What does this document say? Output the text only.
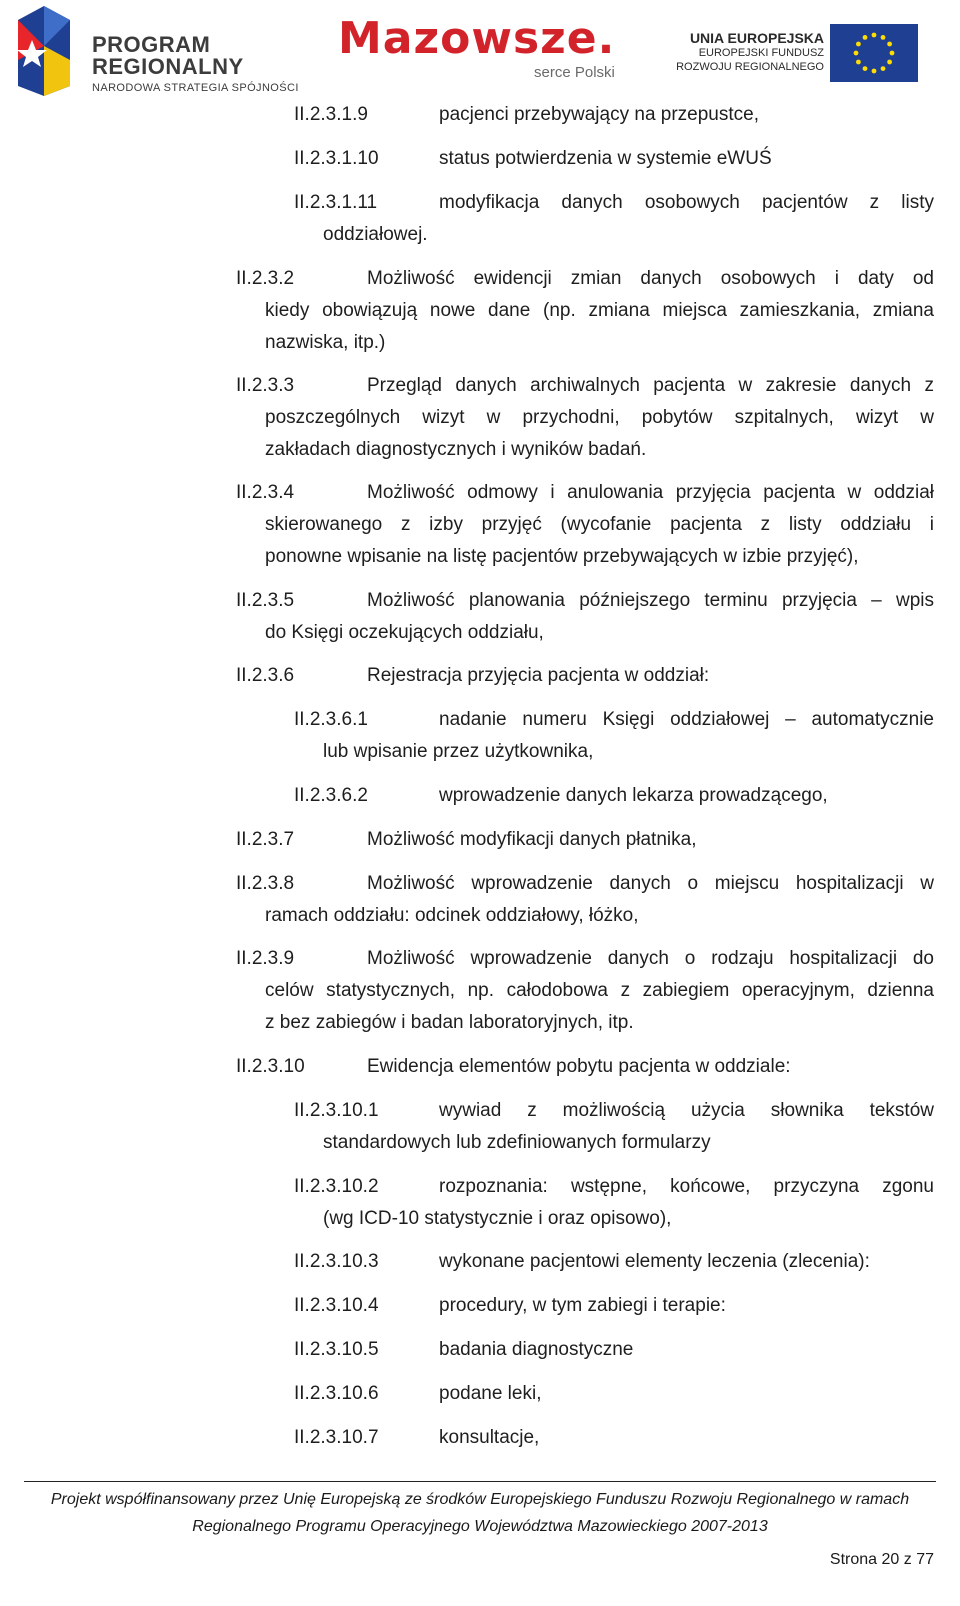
PROGRAM
REGIONALNY
NARODOWA STRATEGIA SPÓJNOŚCI
Mazowsze.
serce Polski
UNIA EUROPEJSKA
EUROPEJSKI FUNDUSZ
ROZWOJU REGIONALNEGO
II.2.3.1.9	pacjenci przebywający na przepustce,
II.2.3.1.10	status potwierdzenia w systemie eWUŚ
II.2.3.1.11	modyfikacja danych osobowych pacjentów z listy
oddziałowej.
II.2.3.2	Możliwość ewidencji zmian danych osobowych i daty od
kiedy obowiązują nowe dane (np. zmiana miejsca zamieszkania, zmiana
nazwiska, itp.)
II.2.3.3	Przegląd danych archiwalnych pacjenta w zakresie danych z
poszczególnych wizyt w przychodni, pobytów szpitalnych, wizyt w
zakładach diagnostycznych i wyników badań.
II.2.3.4	Możliwość odmowy i anulowania przyjęcia pacjenta w oddział
skierowanego z izby przyjęć (wycofanie pacjenta z listy oddziału i
ponowne wpisanie na listę pacjentów przebywających w izbie przyjęć),
II.2.3.5	Możliwość planowania późniejszego terminu przyjęcia – wpis
do Księgi oczekujących oddziału,
II.2.3.6	Rejestracja przyjęcia pacjenta w oddział:
II.2.3.6.1	nadanie numeru Księgi oddziałowej – automatycznie
lub wpisanie przez użytkownika,
II.2.3.6.2	wprowadzenie danych lekarza prowadzącego,
II.2.3.7	Możliwość modyfikacji danych płatnika,
II.2.3.8	Możliwość wprowadzenie danych o miejscu hospitalizacji w
ramach oddziału: odcinek oddziałowy, łóżko,
II.2.3.9	Możliwość wprowadzenie danych o rodzaju hospitalizacji do
celów statystycznych, np. całodobowa z zabiegiem operacyjnym, dzienna
z bez zabiegów i badan laboratoryjnych, itp.
II.2.3.10	Ewidencja elementów pobytu pacjenta w oddziale:
II.2.3.10.1	wywiad z możliwością użycia słownika tekstów
standardowych lub zdefiniowanych formularzy
II.2.3.10.2	rozpoznania: wstępne, końcowe, przyczyna zgonu
(wg ICD-10 statystycznie i oraz opisowo),
II.2.3.10.3	wykonane pacjentowi elementy leczenia (zlecenia):
II.2.3.10.4	procedury, w tym zabiegi i terapie:
II.2.3.10.5	badania diagnostyczne
II.2.3.10.6	podane leki,
II.2.3.10.7	konsultacje,
Projekt współfinansowany przez Unię Europejską ze środków Europejskiego Funduszu Rozwoju Regionalnego w ramach
Regionalnego Programu Operacyjnego Województwa Mazowieckiego 2007-2013
Strona 20 z 77
